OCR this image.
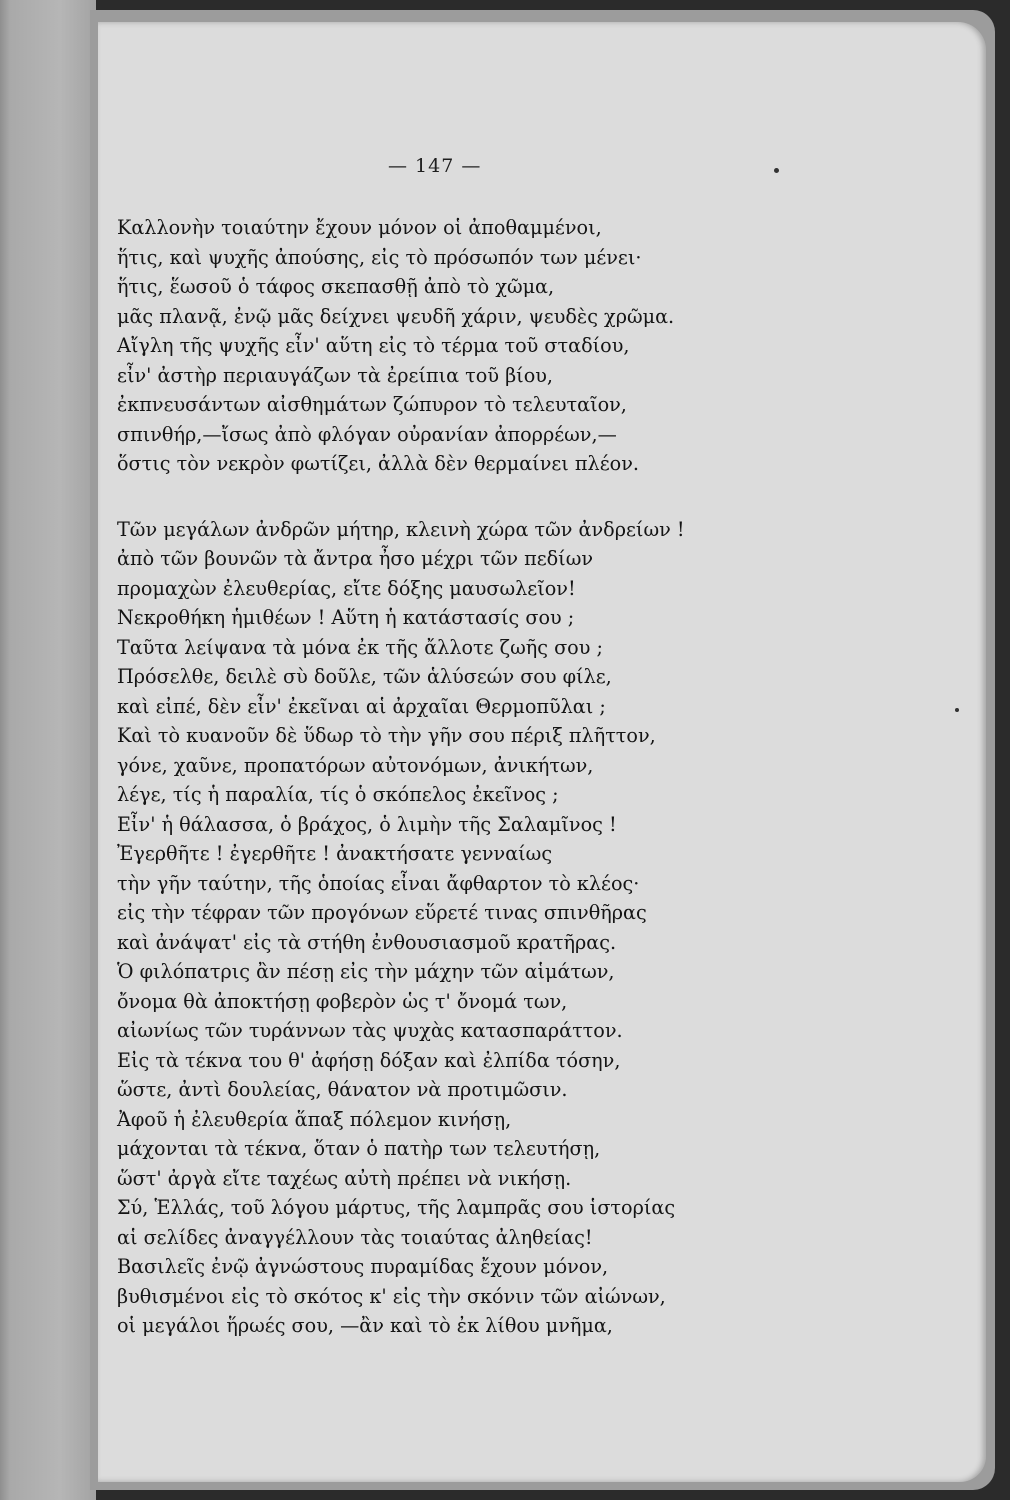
— 147 —
Καλλονὴν τοιαύτην ἔχουν μόνον οἱ ἀποθαμμένοι,
ἥτις, καὶ ψυχῆς ἀπούσης, εἰς τὸ πρόσωπόν των μένει·
ἥτις, ἕωσοῦ ὁ τάφος σκεπασθῇ ἀπὸ τὸ χῶμα,
μᾶς πλανᾷ, ἐνῷ μᾶς δείχνει ψευδῆ χάριν, ψευδὲς χρῶμα.
Αἴγλη τῆς ψυχῆς εἶν' αὕτη εἰς τὸ τέρμα τοῦ σταδίου,
εἶν' ἀστὴρ περιαυγάζων τὰ ἐρείπια τοῦ βίου,
ἐκπνευσάντων αἰσθημάτων ζώπυρον τὸ τελευταῖον,
σπινθήρ,—ἴσως ἀπὸ φλόγαν οὐρανίαν ἀπορρέων,—
ὅστις τὸν νεκρὸν φωτίζει, ἀλλὰ δὲν θερμαίνει πλέον.
Τῶν μεγάλων ἀνδρῶν μήτηρ, κλεινὴ χώρα τῶν ἀνδρείων !
ἀπὸ τῶν βουνῶν τὰ ἄντρα ἦσο μέχρι τῶν πεδίων
προμαχὼν ἐλευθερίας, εἴτε δόξης μαυσωλεῖον!
Νεκροθήκη ἡμιθέων ! Αὕτη ἡ κατάστασίς σου ;
Ταῦτα λείψανα τὰ μόνα ἐκ τῆς ἄλλοτε ζωῆς σου ;
Πρόσελθε, δειλὲ σὺ δοῦλε, τῶν ἁλύσεών σου φίλε,
καὶ εἰπέ, δὲν εἶν' ἐκεῖναι αἱ ἀρχαῖαι Θερμοπῦλαι ;
Καὶ τὸ κυανοῦν δὲ ὕδωρ τὸ τὴν γῆν σου πέριξ πλῆττον,
γόνε, χαῦνε, προπατόρων αὐτονόμων, ἀνικήτων,
λέγε, τίς ἡ παραλία, τίς ὁ σκόπελος ἐκεῖνος ;
Εἶν' ἡ θάλασσα, ὁ βράχος, ὁ λιμὴν τῆς Σαλαμῖνος !
Ἐγερθῆτε ! ἐγερθῆτε ! ἀνακτήσατε γενναίως
τὴν γῆν ταύτην, τῆς ὁποίας εἶναι ἄφθαρτον τὸ κλέος·
εἰς τὴν τέφραν τῶν προγόνων εὕρετέ τινας σπινθῆρας
καὶ ἀνάψατ' εἰς τὰ στήθη ἐνθουσιασμοῦ κρατῆρας.
Ὁ φιλόπατρις ἂν πέσῃ εἰς τὴν μάχην τῶν αἱμάτων,
ὄνομα θὰ ἀποκτήσῃ φοβερὸν ὡς τ' ὄνομά των,
αἰωνίως τῶν τυράννων τὰς ψυχὰς κατασπαράττον.
Εἰς τὰ τέκνα του θ' ἀφήσῃ δόξαν καὶ ἐλπίδα τόσην,
ὥστε, ἀντὶ δουλείας, θάνατον νὰ προτιμῶσιν.
Ἀφοῦ ἡ ἐλευθερία ἅπαξ πόλεμον κινήσῃ,
μάχονται τὰ τέκνα, ὅταν ὁ πατὴρ των τελευτήσῃ,
ὥστ' ἀργὰ εἴτε ταχέως αὐτὴ πρέπει νὰ νικήσῃ.
Σύ, Ἑλλάς, τοῦ λόγου μάρτυς, τῆς λαμπρᾶς σου ἱστορίας
αἱ σελίδες ἀναγγέλλουν τὰς τοιαύτας ἀληθείας!
Βασιλεῖς ἐνῷ ἀγνώστους πυραμίδας ἔχουν μόνον,
βυθισμένοι εἰς τὸ σκότος κ' εἰς τὴν σκόνιν τῶν αἰώνων,
οἱ μεγάλοι ἥρωές σου, —ἂν καὶ τὸ ἐκ λίθου μνῆμα,
